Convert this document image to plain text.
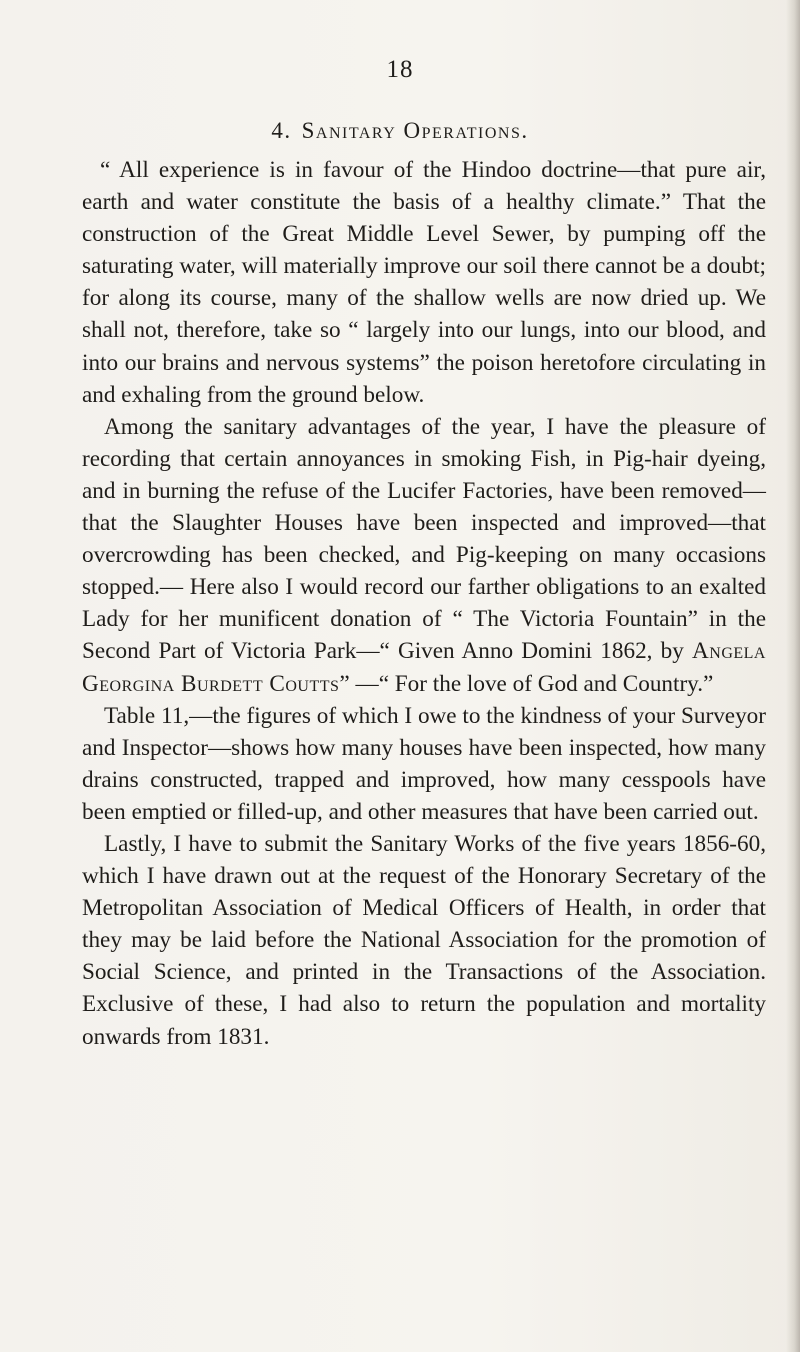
18
4. Sanitary Operations.

“ All experience is in favour of the Hindoo doctrine—that pure air, earth and water constitute the basis of a healthy climate.” That the construction of the Great Middle Level Sewer, by pumping off the saturating water, will materially improve our soil there cannot be a doubt; for along its course, many of the shallow wells are now dried up. We shall not, therefore, take so “ largely into our lungs, into our blood, and into our brains and nervous systems” the poison heretofore circulating in and exhaling from the ground below.

Among the sanitary advantages of the year, I have the pleasure of recording that certain annoyances in smoking Fish, in Pig-hair dyeing, and in burning the refuse of the Lucifer Factories, have been removed—that the Slaughter Houses have been inspected and improved—that overcrowding has been checked, and Pig-keeping on many occasions stopped.— Here also I would record our farther obligations to an exalted Lady for her munificent donation of “ The Victoria Fountain” in the Second Part of Victoria Park—“ Given Anno Domini 1862, by Angela Georgina Burdett Coutts” —“ For the love of God and Country.”

Table 11,—the figures of which I owe to the kindness of your Surveyor and Inspector—shows how many houses have been inspected, how many drains constructed, trapped and improved, how many cesspools have been emptied or filled-up, and other measures that have been carried out.

Lastly, I have to submit the Sanitary Works of the five years 1856-60, which I have drawn out at the request of the Honorary Secretary of the Metropolitan Association of Medical Officers of Health, in order that they may be laid before the National Association for the promotion of Social Science, and printed in the Transactions of the Association. Exclusive of these, I had also to return the population and mortality onwards from 1831.
